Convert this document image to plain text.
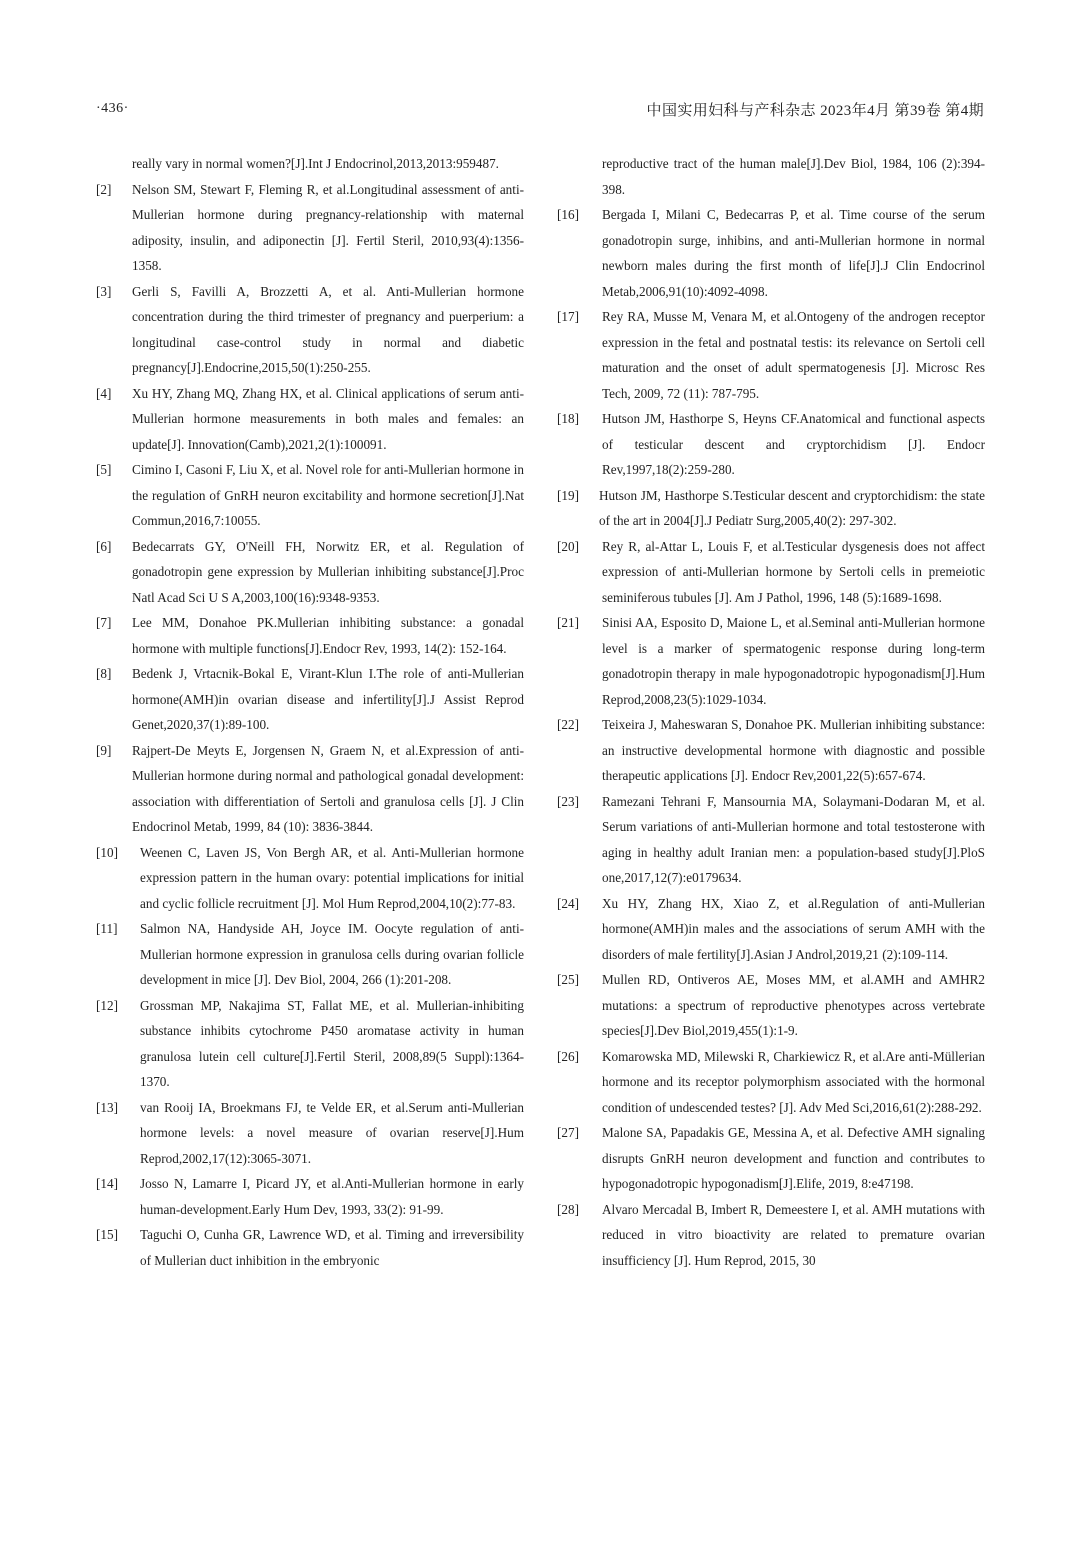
·436·	中国实用妇科与产科杂志 2023年4月 第39卷 第4期
really vary in normal women?[J].Int J Endocrinol,2013,2013:959487.
[2]	Nelson SM, Stewart F, Fleming R, et al.Longitudinal assessment of anti-Mullerian hormone during pregnancy-relationship with maternal adiposity, insulin, and adiponectin [J]. Fertil Steril, 2010,93(4):1356-1358.
[3]	Gerli S, Favilli A, Brozzetti A, et al. Anti-Mullerian hormone concentration during the third trimester of pregnancy and puerperium: a longitudinal case-control study in normal and diabetic pregnancy[J].Endocrine,2015,50(1):250-255.
[4]	Xu HY, Zhang MQ, Zhang HX, et al. Clinical applications of serum anti-Mullerian hormone measurements in both males and females: an update[J]. Innovation(Camb),2021,2(1):100091.
[5]	Cimino I, Casoni F, Liu X, et al. Novel role for anti-Mullerian hormone in the regulation of GnRH neuron excitability and hormone secretion[J].Nat Commun,2016,7:10055.
[6]	Bedecarrats GY, O'Neill FH, Norwitz ER, et al. Regulation of gonadotropin gene expression by Mullerian inhibiting substance[J].Proc Natl Acad Sci U S A,2003,100(16):9348-9353.
[7]	Lee MM, Donahoe PK.Mullerian inhibiting substance: a gonadal hormone with multiple functions[J].Endocr Rev, 1993, 14(2): 152-164.
[8]	Bedenk J, Vrtacnik-Bokal E, Virant-Klun I.The role of anti-Mullerian hormone(AMH)in ovarian disease and infertility[J].J Assist Reprod Genet,2020,37(1):89-100.
[9]	Rajpert-De Meyts E, Jorgensen N, Graem N, et al.Expression of anti-Mullerian hormone during normal and pathological gonadal development: association with differentiation of Sertoli and granulosa cells [J]. J Clin Endocrinol Metab, 1999, 84 (10): 3836-3844.
[10]	Weenen C, Laven JS, Von Bergh AR, et al. Anti-Mullerian hormone expression pattern in the human ovary: potential implications for initial and cyclic follicle recruitment [J]. Mol Hum Reprod,2004,10(2):77-83.
[11]	Salmon NA, Handyside AH, Joyce IM. Oocyte regulation of anti-Mullerian hormone expression in granulosa cells during ovarian follicle development in mice [J]. Dev Biol, 2004, 266 (1):201-208.
[12]	Grossman MP, Nakajima ST, Fallat ME, et al. Mullerian-inhibiting substance inhibits cytochrome P450 aromatase activity in human granulosa lutein cell culture[J].Fertil Steril, 2008,89(5 Suppl):1364-1370.
[13]	van Rooij IA, Broekmans FJ, te Velde ER, et al.Serum anti-Mullerian hormone levels: a novel measure of ovarian reserve[J].Hum Reprod,2002,17(12):3065-3071.
[14]	Josso N, Lamarre I, Picard JY, et al.Anti-Mullerian hormone in early human-development.Early Hum Dev, 1993, 33(2): 91-99.
[15]	Taguchi O, Cunha GR, Lawrence WD, et al. Timing and irreversibility of Mullerian duct inhibition in the embryonic
reproductive tract of the human male[J].Dev Biol, 1984, 106 (2):394-398.
[16]	Bergada I, Milani C, Bedecarras P, et al. Time course of the serum gonadotropin surge, inhibins, and anti-Mullerian hormone in normal newborn males during the first month of life[J].J Clin Endocrinol Metab,2006,91(10):4092-4098.
[17]	Rey RA, Musse M, Venara M, et al.Ontogeny of the androgen receptor expression in the fetal and postnatal testis: its relevance on Sertoli cell maturation and the onset of adult spermatogenesis [J]. Microsc Res Tech, 2009, 72 (11): 787-795.
[18]	Hutson JM, Hasthorpe S, Heyns CF.Anatomical and functional aspects of testicular descent and cryptorchidism [J]. Endocr Rev,1997,18(2):259-280.
[19]	Hutson JM, Hasthorpe S.Testicular descent and cryptorchidism: the state of the art in 2004[J].J Pediatr Surg,2005,40(2): 297-302.
[20]	Rey R, al-Attar L, Louis F, et al.Testicular dysgenesis does not affect expression of anti-Mullerian hormone by Sertoli cells in premeiotic seminiferous tubules [J]. Am J Pathol, 1996, 148 (5):1689-1698.
[21]	Sinisi AA, Esposito D, Maione L, et al.Seminal anti-Mullerian hormone level is a marker of spermatogenic response during long-term gonadotropin therapy in male hypogonadotropic hypogonadism[J].Hum Reprod,2008,23(5):1029-1034.
[22]	Teixeira J, Maheswaran S, Donahoe PK. Mullerian inhibiting substance: an instructive developmental hormone with diagnostic and possible therapeutic applications [J]. Endocr Rev,2001,22(5):657-674.
[23]	Ramezani Tehrani F, Mansournia MA, Solaymani-Dodaran M, et al. Serum variations of anti-Mullerian hormone and total testosterone with aging in healthy adult Iranian men: a population-based study[J].PloS one,2017,12(7):e0179634.
[24]	Xu HY, Zhang HX, Xiao Z, et al.Regulation of anti-Mullerian hormone(AMH)in males and the associations of serum AMH with the disorders of male fertility[J].Asian J Androl,2019,21 (2):109-114.
[25]	Mullen RD, Ontiveros AE, Moses MM, et al.AMH and AMHR2 mutations: a spectrum of reproductive phenotypes across vertebrate species[J].Dev Biol,2019,455(1):1-9.
[26]	Komarowska MD, Milewski R, Charkiewicz R, et al.Are anti-Müllerian hormone and its receptor polymorphism associated with the hormonal condition of undescended testes? [J]. Adv Med Sci,2016,61(2):288-292.
[27]	Malone SA, Papadakis GE, Messina A, et al. Defective AMH signaling disrupts GnRH neuron development and function and contributes to hypogonadotropic hypogonadism[J].Elife, 2019, 8:e47198.
[28]	Alvaro Mercadal B, Imbert R, Demeestere I, et al. AMH mutations with reduced in vitro bioactivity are related to premature ovarian insufficiency [J]. Hum Reprod, 2015, 30
